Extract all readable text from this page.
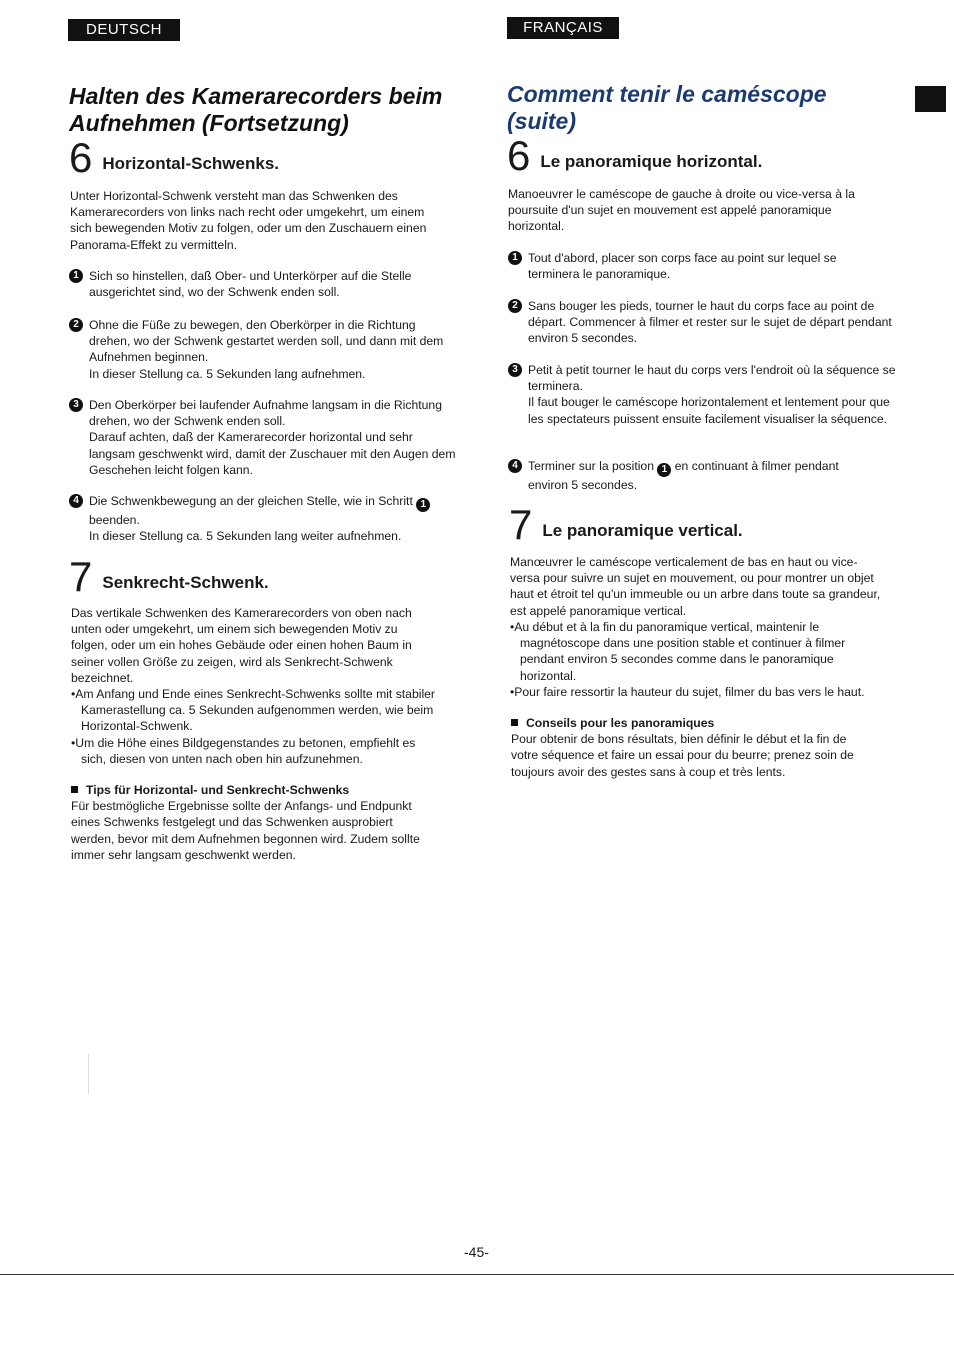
DEUTSCH	FRANÇAIS
Halten des Kamerarecorders beim
Aufnehmen (Fortsetzung)
Comment tenir le caméscope
(suite)
6 Horizontal-Schwenks.

Unter Horizontal-Schwenk versteht man das Schwenken des Kamerarecorders von links nach recht oder umgekehrt, um einem sich bewegenden Motiv zu folgen, oder um den Zuschauern einen Panorama-Effekt zu vermitteln.

1 Sich so hinstellen, daß Ober- und Unterkörper auf die Stelle ausgerichtet sind, wo der Schwenk enden soll.
2 Ohne die Füße zu bewegen, den Oberkörper in die Richtung drehen, wo der Schwenk gestartet werden soll, und dann mit dem Aufnehmen beginnen.
In dieser Stellung ca. 5 Sekunden lang aufnehmen.
3 Den Oberkörper bei laufender Aufnahme langsam in die Richtung drehen, wo der Schwenk enden soll.
Darauf achten, daß der Kamerarecorder horizontal und sehr langsam geschwenkt wird, damit der Zuschauer mit den Augen dem Geschehen leicht folgen kann.
4 Die Schwenkbewegung an der gleichen Stelle, wie in Schritt 1
beenden.
In dieser Stellung ca. 5 Sekunden lang weiter aufnehmen.
7 Senkrecht-Schwenk.

Das vertikale Schwenken des Kamerarecorders von oben nach unten oder umgekehrt, um einem sich bewegenden Motiv zu folgen, oder um ein hohes Gebäude oder einen hohen Baum in seiner vollen Größe zu zeigen, wird als Senkrecht-Schwenk bezeichnet.

•Am Anfang und Ende eines Senkrecht-Schwenks sollte mit stabiler Kamerastellung ca. 5 Sekunden aufgenommen werden, wie beim Horizontal-Schwenk.
•Um die Höhe eines Bildgegenstandes zu betonen, empfiehlt es sich, diesen von unten nach oben hin aufzunehmen.
Tips für Horizontal- und Senkrecht-Schwenks
Für bestmögliche Ergebnisse sollte der Anfangs- und Endpunkt eines Schwenks festgelegt und das Schwenken ausprobiert werden, bevor mit dem Aufnehmen begonnen wird. Zudem sollte immer sehr langsam geschwenkt werden.
6 Le panoramique horizontal.

Manoeuvrer le caméscope de gauche à droite ou vice-versa à la poursuite d'un sujet en mouvement est appelé panoramique horizontal.

1 Tout d'abord, placer son corps face au point sur lequel se terminera le panoramique.
2 Sans bouger les pieds, tourner le haut du corps face au point de départ. Commencer à filmer et rester sur le sujet de départ pendant environ 5 secondes.
3 Petit à petit tourner le haut du corps vers l'endroit où la séquence se terminera.
Il faut bouger le caméscope horizontalement et lentement pour que les spectateurs puissent ensuite facilement visualiser la séquence.
4 Terminer sur la position 1 en continuant à filmer pendant environ 5 secondes.
7 Le panoramique vertical.

Manœuvrer le caméscope verticalement de bas en haut ou vice-versa pour suivre un sujet en mouvement, ou pour montrer un objet haut et étroit tel qu'un immeuble ou un arbre dans toute sa grandeur, est appelé panoramique vertical.

•Au début et à la fin du panoramique vertical, maintenir le magnétoscope dans une position stable et continuer à filmer pendant environ 5 secondes comme dans le panoramique horizontal.
•Pour faire ressortir la hauteur du sujet, filmer du bas vers le haut.
Conseils pour les panoramiques
Pour obtenir de bons résultats, bien définir le début et la fin de votre séquence et faire un essai pour du beurre; prenez soin de toujours avoir des gestes sans à coup et très lents.
-45-
